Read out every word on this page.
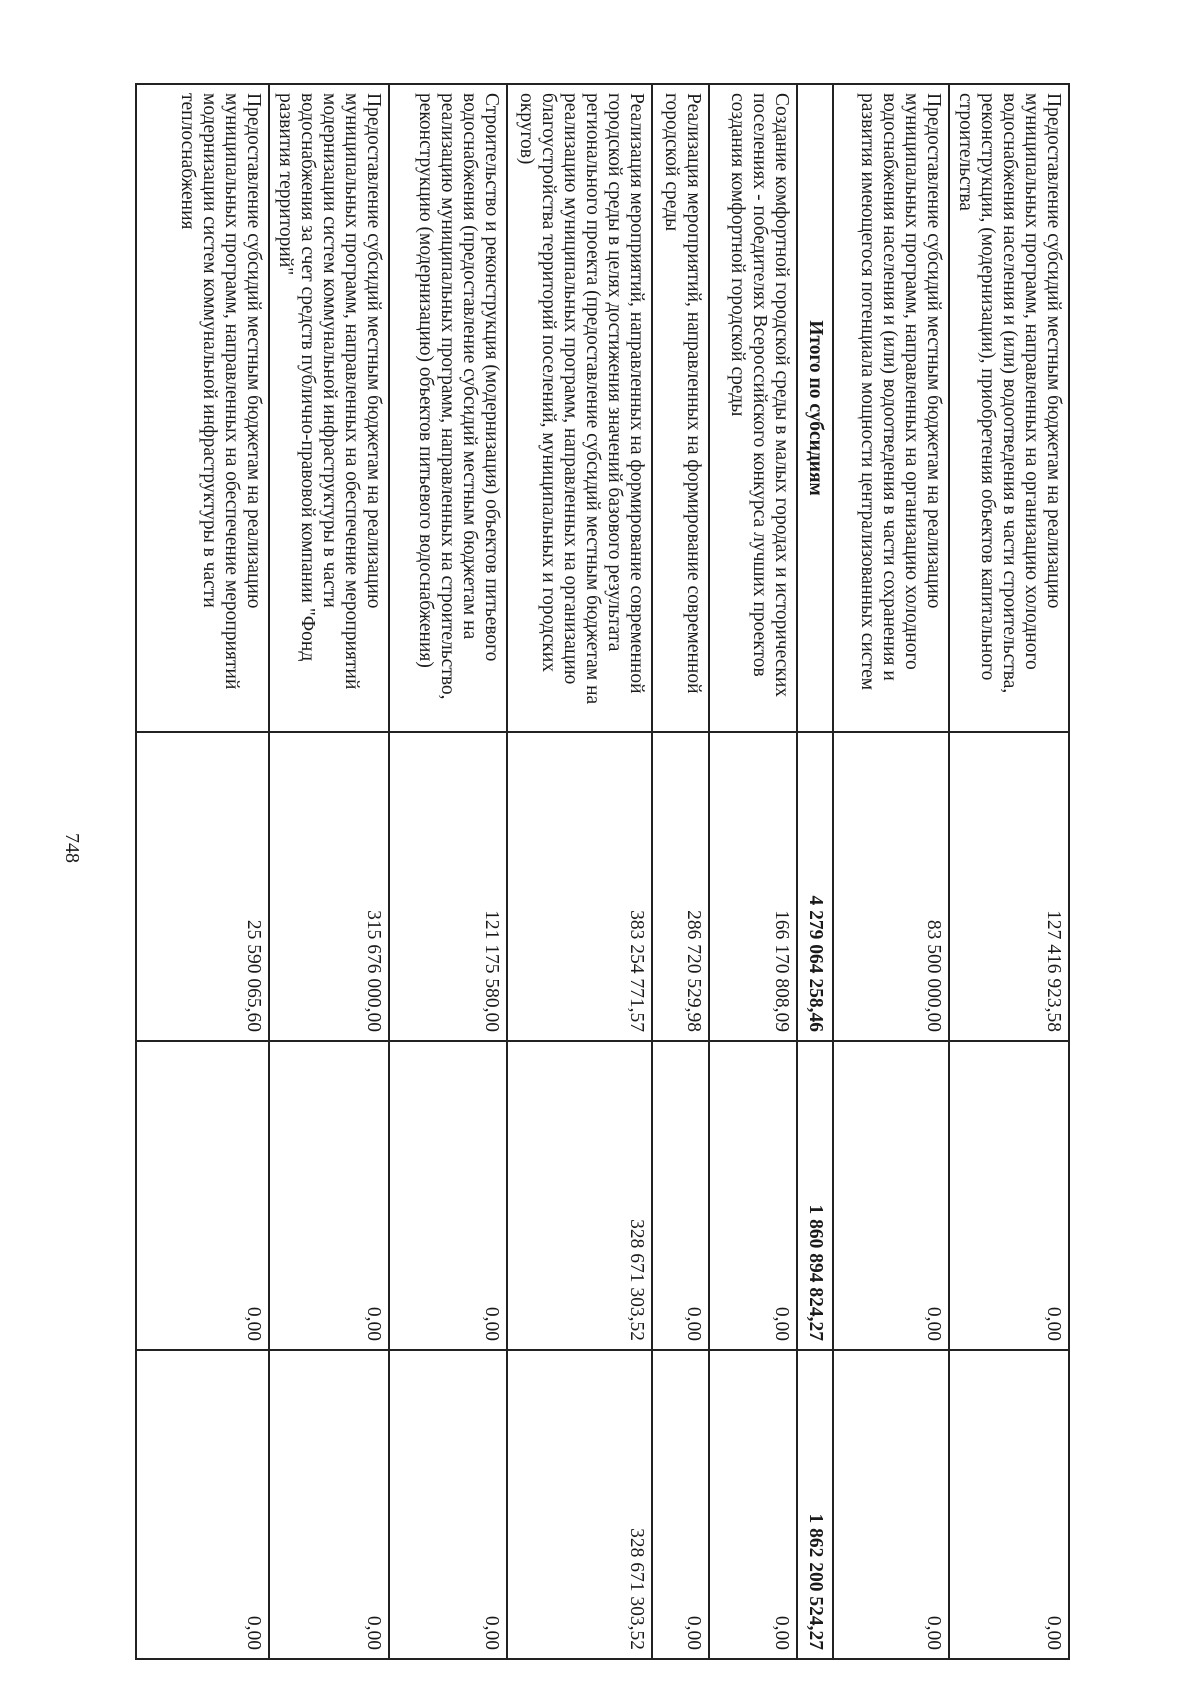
748
Предоставление субсидий местным бюджетам на реализацию муниципальных программ, направленных на организацию холодного водоснабжения населения и (или) водоотведения в части строительства, реконструкции, (модернизации), приобретения объектов капитального строительства	127 416 923,58	0,00	0,00
Предоставление субсидий местным бюджетам на реализацию муниципальных программ, направленных на организацию холодного водоснабжения населения и (или) водоотведения в части сохранения и развития имеющегося потенциала мощности централизованных систем	83 500 000,00	0,00	0,00
Итого по субсидиям	4 279 064 258,46	1 860 894 824,27	1 862 200 524,27
Создание комфортной городской среды в малых городах и исторических поселениях - победителях Всероссийского конкурса лучших проектов создания комфортной городской среды	166 170 808,09	0,00	0,00
Реализация мероприятий, направленных на формирование современной городской среды	286 720 529,98	0,00	0,00
Реализация мероприятий, направленных на формирование современной городской среды в целях достижения значений базового результата регионального проекта (предоставление субсидий местным бюджетам на реализацию муниципальных программ, направленных на организацию благоустройства территорий поселений, муниципальных и городских округов)	383 254 771,57	328 671 303,52	328 671 303,52
Строительство и реконструкция (модернизация) объектов питьевого водоснабжения (предоставление субсидий местным бюджетам на реализацию муниципальных программ, направленных на строительство, реконструкцию (модернизацию) объектов питьевого водоснабжения)	121 175 580,00	0,00	0,00
Предоставление субсидий местным бюджетам на реализацию муниципальных программ, направленных на обеспечение мероприятий модернизации систем коммунальной инфраструктуры в части водоснабжения за счет средств публично-правовой компании "Фонд развития территорий"	315 676 000,00	0,00	0,00
Предоставление субсидий местным бюджетам на реализацию муниципальных программ, направленных на обеспечение мероприятий модернизации систем коммунальной инфраструктуры в части теплоснабжения	25 590 065,60	0,00	0,00
